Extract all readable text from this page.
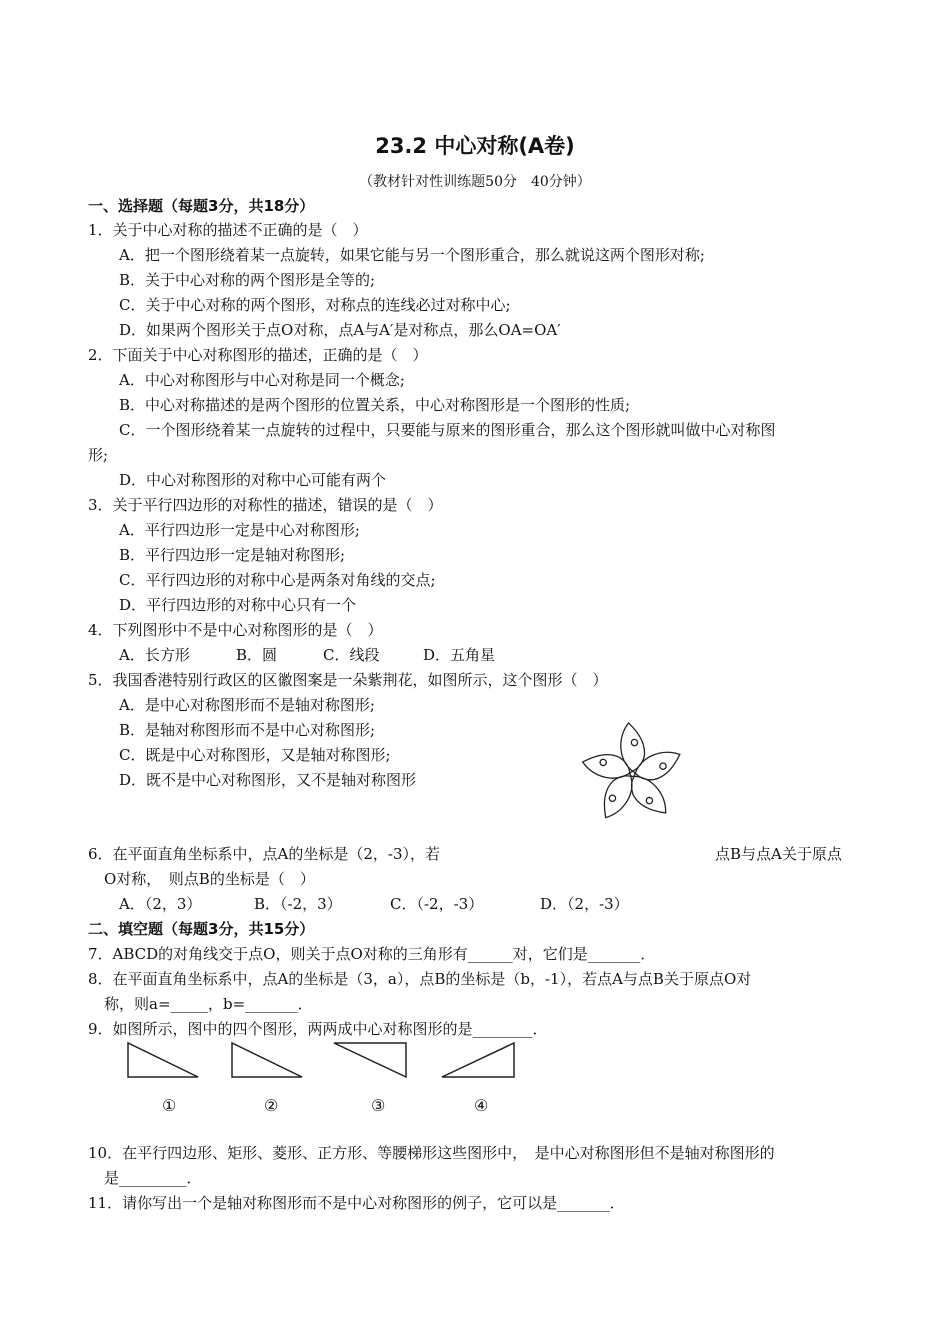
23.2 中心对称(A卷)
（教材针对性训练题50分　40分钟）
一、选择题（每题3分，共18分）
1．关于中心对称的描述不正确的是（　）
A．把一个图形绕着某一点旋转，如果它能与另一个图形重合，那么就说这两个图形对称;
B．关于中心对称的两个图形是全等的;
C．关于中心对称的两个图形，对称点的连线必过对称中心;
D．如果两个图形关于点O对称，点A与A′是对称点，那么OA=OA′
2．下面关于中心对称图形的描述，正确的是（　）
A．中心对称图形与中心对称是同一个概念;
B．中心对称描述的是两个图形的位置关系，中心对称图形是一个图形的性质;
C．一个图形绕着某一点旋转的过程中，只要能与原来的图形重合，那么这个图形就叫做中心对称图
形;
D．中心对称图形的对称中心可能有两个
3．关于平行四边形的对称性的描述，错误的是（　）
A．平行四边形一定是中心对称图形;
B．平行四边形一定是轴对称图形;
C．平行四边形的对称中心是两条对角线的交点;
D．平行四边形的对称中心只有一个
4．下列图形中不是中心对称图形的是（　）
A．长方形	B．圆	C．线段	D．五角星
5．我国香港特别行政区的区徽图案是一朵紫荆花，如图所示，这个图形（　）
A．是中心对称图形而不是轴对称图形;
B．是轴对称图形而不是中心对称图形;
C．既是中心对称图形，又是轴对称图形;
D．既不是中心对称图形，又不是轴对称图形
6．在平面直角坐标系中，点A的坐标是（2，-3），若	点B与点A关于原点
O对称，　则点B的坐标是（　）
A．（2，3）	B．（-2，3）	C．（-2，-3）	D．（2，-3）
二、填空题（每题3分，共15分）
7．ABCD的对角线交于点O，则关于点O对称的三角形有______对，它们是_______．
8．在平面直角坐标系中，点A的坐标是（3，a），点B的坐标是（b，-1），若点A与点B关于原点O对
称，则a=_____，b=_______．
9．如图所示，图中的四个图形，两两成中心对称图形的是________．
①	②	③	④
10．在平行四边形、矩形、菱形、正方形、等腰梯形这些图形中，　是中心对称图形但不是轴对称图形的
是_________．
11．请你写出一个是轴对称图形而不是中心对称图形的例子，它可以是_______．
